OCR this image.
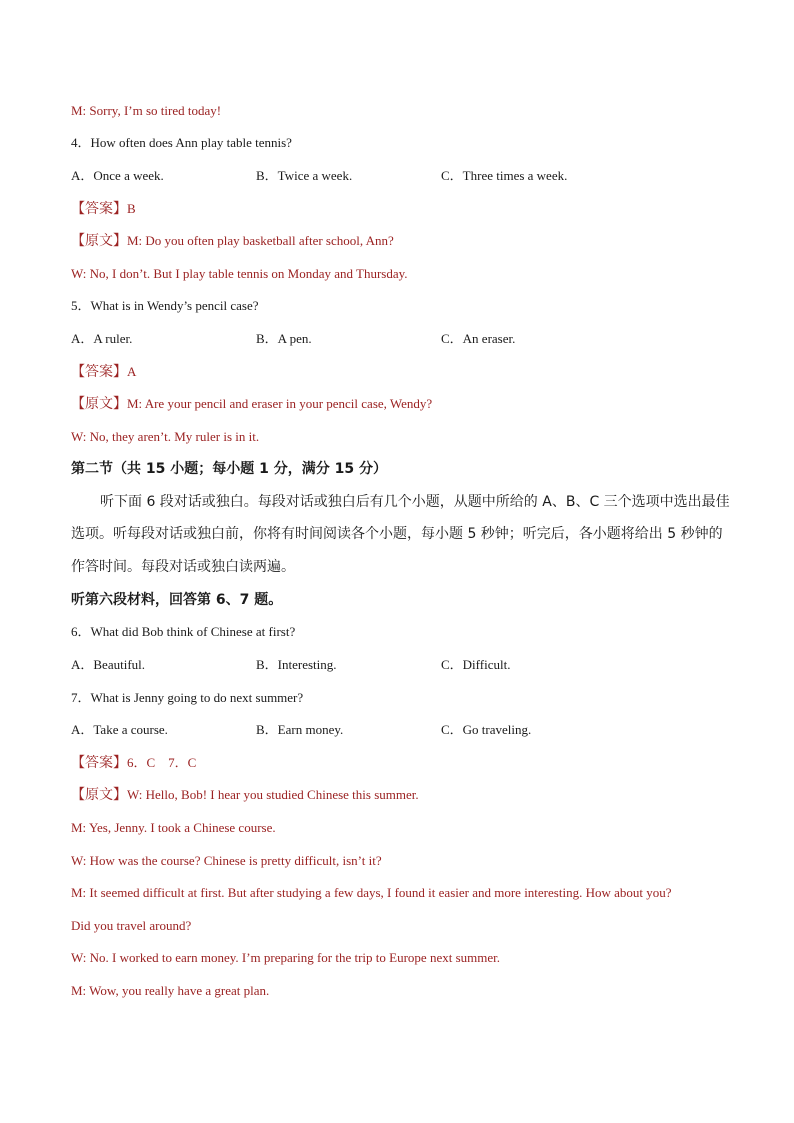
M: Sorry, I’m so tired today!
4．How often does Ann play table tennis?
A．Once a week.	B．Twice a week.	C．Three times a week.
【答案】B
【原文】M: Do you often play basketball after school, Ann?
W: No, I don’t. But I play table tennis on Monday and Thursday.
5．What is in Wendy’s pencil case?
A．A ruler.	B．A pen.	C．An eraser.
【答案】A
【原文】M: Are your pencil and eraser in your pencil case, Wendy?
W: No, they aren’t. My ruler is in it.
第二节（共 15 小题；每小题 1 分，满分 15 分）
听下面 6 段对话或独白。每段对话或独白后有几个小题，从题中所给的 A、B、C 三个选项中选出最佳
选项。听每段对话或独白前，你将有时间阅读各个小题，每小题 5 秒钟；听完后，各小题将给出 5 秒钟的
作答时间。每段对话或独白读两遍。
听第六段材料，回答第 6、7 题。
6．What did Bob think of Chinese at first?
A．Beautiful.	B．Interesting.	C．Difficult.
7．What is Jenny going to do next summer?
A．Take a course.	B．Earn money.	C．Go traveling.
【答案】6．C　7．C
【原文】W: Hello, Bob! I hear you studied Chinese this summer.
M: Yes, Jenny. I took a Chinese course.
W: How was the course? Chinese is pretty difficult, isn’t it?
M: It seemed difficult at first. But after studying a few days, I found it easier and more interesting. How about you?
Did you travel around?
W: No. I worked to earn money. I’m preparing for the trip to Europe next summer.
M: Wow, you really have a great plan.
